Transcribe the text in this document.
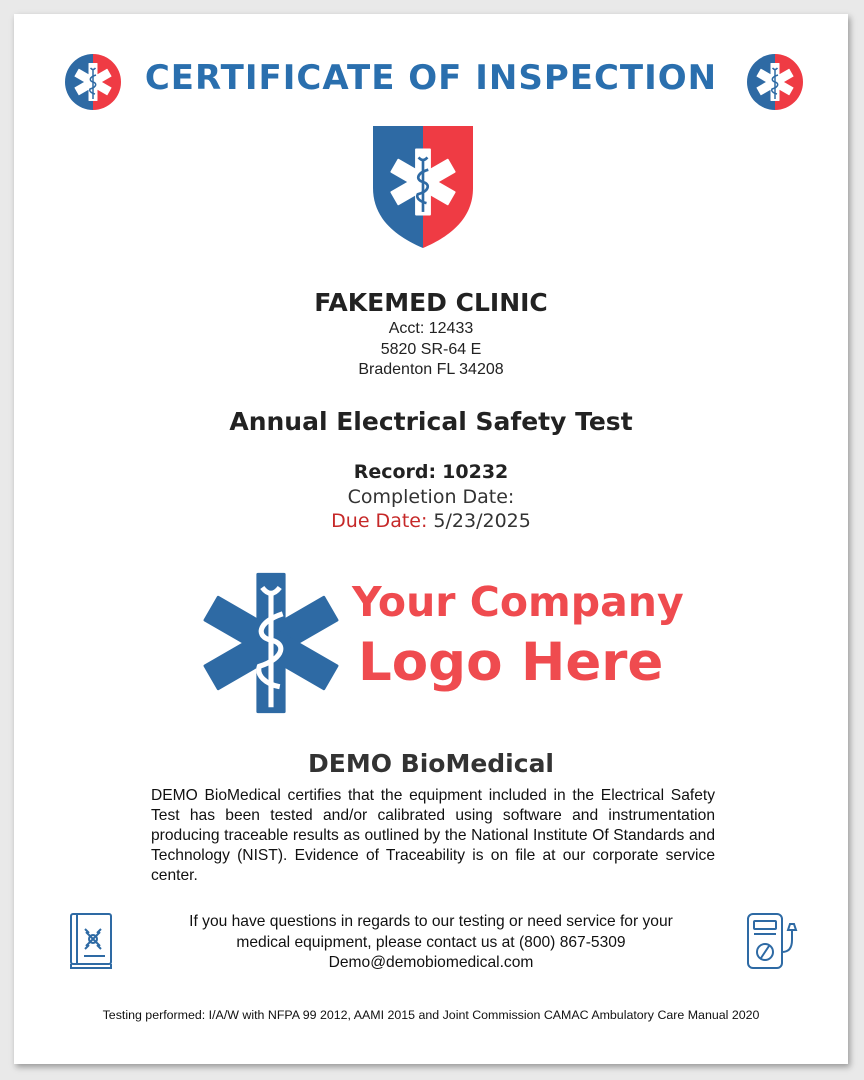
CERTIFICATE OF INSPECTION
FAKEMED CLINIC
Acct: 12433
5820 SR-64 E
Bradenton FL 34208
Annual Electrical Safety Test
Record: 10232
Completion Date:
Due Date: 5/23/2025
Your Company
Logo Here
DEMO BioMedical
DEMO BioMedical certifies that the equipment included in the Electrical Safety Test has been tested and/or calibrated using software and instrumentation producing traceable results as outlined by the National Institute Of Standards and Technology (NIST). Evidence of Traceability is on file at our corporate service center.
If you have questions in regards to our testing or need service for your
medical equipment, please contact us at (800) 867-5309
Demo@demobiomedical.com
Testing performed: I/A/W with NFPA 99 2012, AAMI 2015 and Joint Commission CAMAC Ambulatory Care Manual 2020
